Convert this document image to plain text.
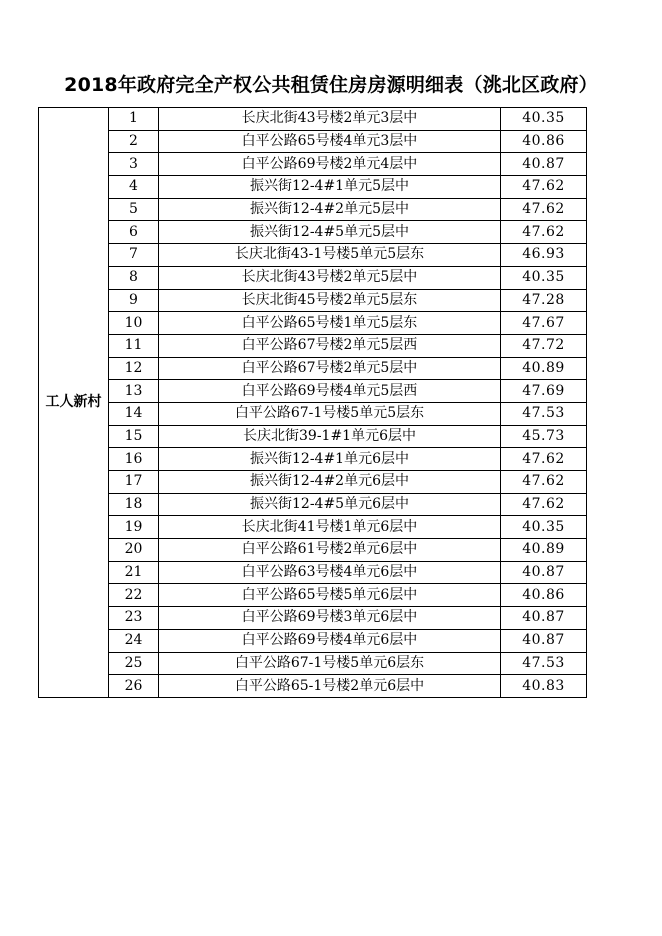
2018年政府完全产权公共租赁住房房源明细表（洮北区政府）
工人新村	1	长庆北街43号楼2单元3层中	40.35
	2	白平公路65号楼4单元3层中	40.86
	3	白平公路69号楼2单元4层中	40.87
	4	振兴街12-4#1单元5层中	47.62
	5	振兴街12-4#2单元5层中	47.62
	6	振兴街12-4#5单元5层中	47.62
	7	长庆北街43-1号楼5单元5层东	46.93
	8	长庆北街43号楼2单元5层中	40.35
	9	长庆北街45号楼2单元5层东	47.28
	10	白平公路65号楼1单元5层东	47.67
	11	白平公路67号楼2单元5层西	47.72
	12	白平公路67号楼2单元5层中	40.89
	13	白平公路69号楼4单元5层西	47.69
	14	白平公路67-1号楼5单元5层东	47.53
	15	长庆北街39-1#1单元6层中	45.73
	16	振兴街12-4#1单元6层中	47.62
	17	振兴街12-4#2单元6层中	47.62
	18	振兴街12-4#5单元6层中	47.62
	19	长庆北街41号楼1单元6层中	40.35
	20	白平公路61号楼2单元6层中	40.89
	21	白平公路63号楼4单元6层中	40.87
	22	白平公路65号楼5单元6层中	40.86
	23	白平公路69号楼3单元6层中	40.87
	24	白平公路69号楼4单元6层中	40.87
	25	白平公路67-1号楼5单元6层东	47.53
	26	白平公路65-1号楼2单元6层中	40.83
